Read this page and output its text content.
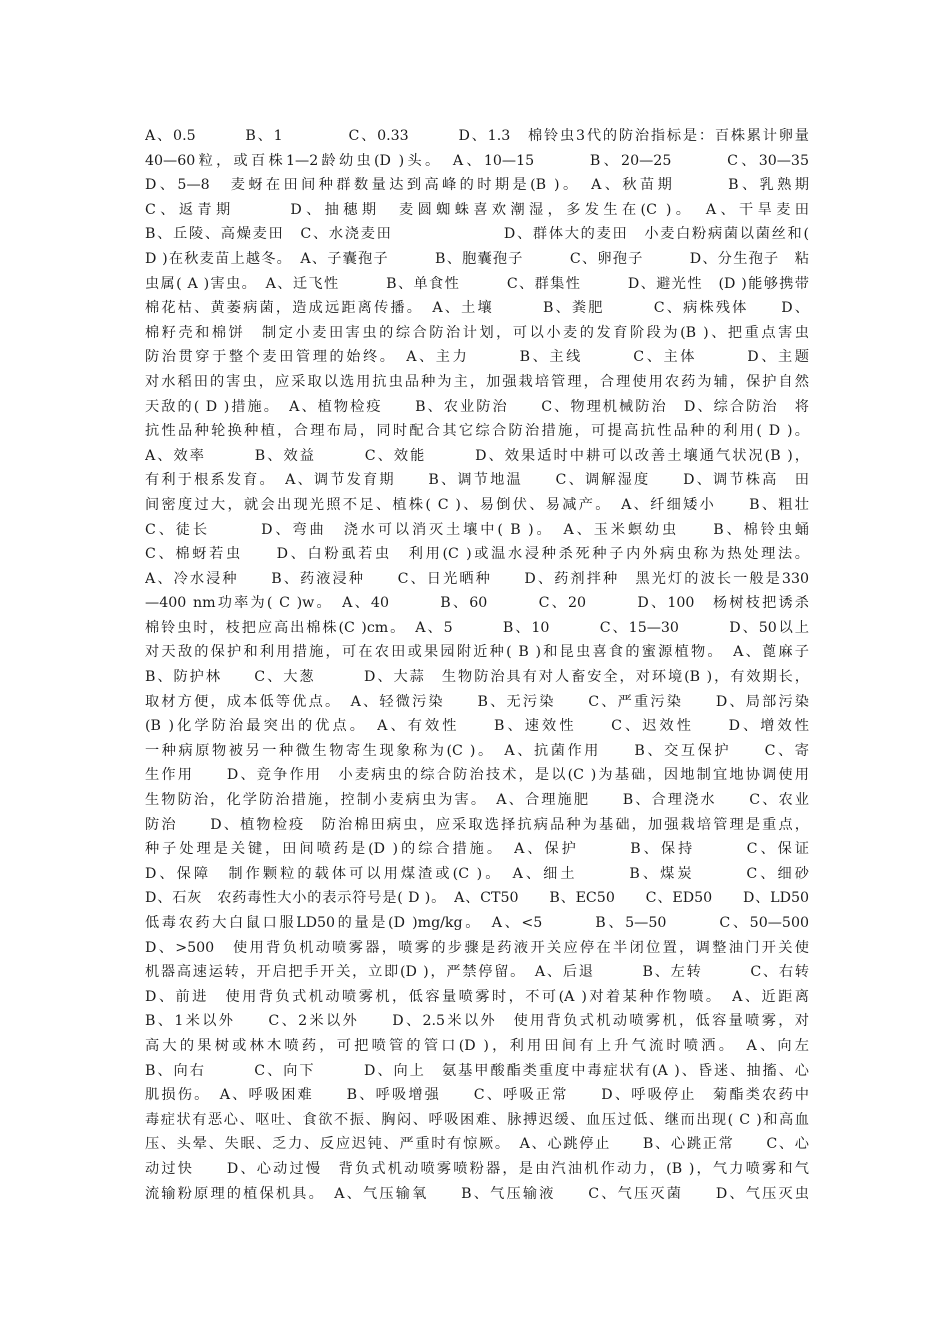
A、0.5　　　B、1　　　　C、0.33　　　D、1.3　棉铃虫3代的防治指标是：百株累计卵量
40—60粒，或百株1—2龄幼虫(D )头。　A、10—15　　　B、20—25　　　C、30—35
D、5—8　麦蚜在田间种群数量达到高峰的时期是(B )。　A、秋苗期　　　B、乳熟期
C、返青期　　　D、抽穗期　麦圆蜘蛛喜欢潮湿，多发生在(C )。　A、干旱麦田
B、丘陵、高燥麦田　C、水浇麦田　　　　　　　D、群体大的麦田　小麦白粉病菌以菌丝和(
D )在秋麦苗上越冬。　A、子囊孢子　　　B、胞囊孢子　　　C、卵孢子　　　D、分生孢子　粘
虫属( A )害虫。　A、迁飞性　　　B、单食性　　　C、群集性　　　D、避光性　(D )能够携带
棉花枯、黄萎病菌，造成远距离传播。　A、土壤　　　B、粪肥　　　C、病株残体　　D、
棉籽壳和棉饼　制定小麦田害虫的综合防治计划，可以小麦的发育阶段为(B )、把重点害虫
防治贯穿于整个麦田管理的始终。　A、主力　　　B、主线　　　C、主体　　　D、主题
对水稻田的害虫，应采取以选用抗虫品种为主，加强栽培管理，合理使用农药为辅，保护自然
天敌的( D )措施。　A、植物检疫　　B、农业防治　　C、物理机械防治　D、综合防治　将
抗性品种轮换种植，合理布局，同时配合其它综合防治措施，可提高抗性品种的利用( D )。
A、效率　　　B、效益　　　C、效能　　　D、效果适时中耕可以改善土壤通气状况(B )，
有利于根系发育。　A、调节发育期　　B、调节地温　　C、调解湿度　　D、调节株高　田
间密度过大，就会出现光照不足、植株( C )、易倒伏、易减产。　A、纤细矮小　　B、粗壮
C、徒长　　　D、弯曲　浇水可以消灭土壤中( B )。　A、玉米螟幼虫　　B、棉铃虫蛹
C、棉蚜若虫　　D、白粉虱若虫　利用(C )或温水浸种杀死种子内外病虫称为热处理法。
A、冷水浸种　　B、药液浸种　　C、日光晒种　　D、药剂拌种　黑光灯的波长一般是330
—400 nm功率为( C )w。　A、40　　　B、60　　　C、20　　　D、100　杨树枝把诱杀
棉铃虫时，枝把应高出棉株(C )cm。　A、5　　　B、10　　　C、15—30　　　D、50以上
对天敌的保护和利用措施，可在农田或果园附近种( B )和昆虫喜食的蜜源植物。　A、蓖麻子
B、防护林　　C、大葱　　　D、大蒜　生物防治具有对人畜安全，对环境(B )，有效期长，
取材方便，成本低等优点。　A、轻微污染　　B、无污染　　C、严重污染　　D、局部污染
(B )化学防治最突出的优点。　A、有效性　　B、速效性　　C、迟效性　　D、增效性
一种病原物被另一种微生物寄生现象称为(C )。　A、抗菌作用　　B、交互保护　　C、寄
生作用　　D、竞争作用　小麦病虫的综合防治技术，是以(C )为基础，因地制宜地协调使用
生物防治，化学防治措施，控制小麦病虫为害。　A、合理施肥　　B、合理浇水　　C、农业
防治　　D、植物检疫　防治棉田病虫，应采取选择抗病品种为基础，加强栽培管理是重点，
种子处理是关键，田间喷药是(D )的综合措施。　A、保护　　　B、保持　　　C、保证
D、保障　制作颗粒的载体可以用煤渣或(C )。　A、细土　　　B、煤炭　　　C、细砂
D、石灰　农药毒性大小的表示符号是( D )。　A、CT50　　B、EC50　　C、ED50　　D、LD50
低毒农药大白鼠口服LD50的量是(D )mg/kg。　A、<5　　　B、5—50　　　C、50—500
D、>500　使用背负机动喷雾器，喷雾的步骤是药液开关应停在半闭位置，调整油门开关使
机器高速运转，开启把手开关，立即(D )，严禁停留。　A、后退　　　B、左转　　　C、右转
D、前进　使用背负式机动喷雾机，低容量喷雾时，不可(A )对着某种作物喷。　A、近距离
B、1米以外　　C、2米以外　　D、2.5米以外　使用背负式机动喷雾机，低容量喷雾，对
高大的果树或林木喷药，可把喷管的管口(D )，利用田间有上升气流时喷洒。　A、向左
B、向右　　　C、向下　　　D、向上　氨基甲酸酯类重度中毒症状有(A )、昏迷、抽搐、心
肌损伤。　A、呼吸困难　　B、呼吸增强　　C、呼吸正常　　D、呼吸停止　菊酯类农药中
毒症状有恶心、呕吐、食欲不振、胸闷、呼吸困难、脉搏迟缓、血压过低、继而出现( C )和高血
压、头晕、失眠、乏力、反应迟钝、严重时有惊厥。　A、心跳停止　　B、心跳正常　　C、心
动过快　　D、心动过慢　背负式机动喷雾喷粉器，是由汽油机作动力，(B )，气力喷雾和气
流输粉原理的植保机具。　A、气压输氧　　B、气压输液　　C、气压灭菌　　D、气压灭虫
